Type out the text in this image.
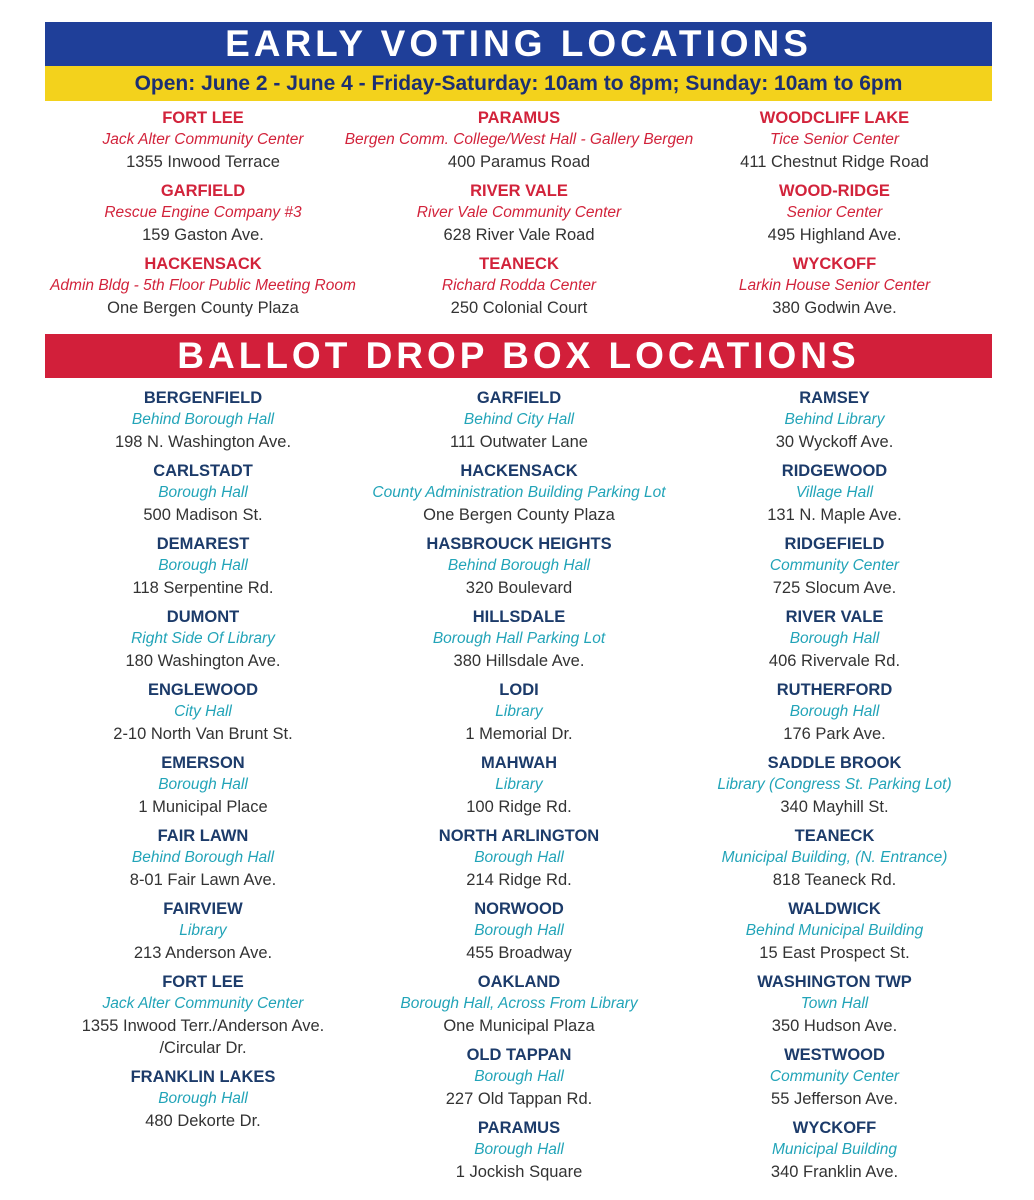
EARLY VOTING LOCATIONS
Open: June 2 - June 4 - Friday-Saturday: 10am to 8pm; Sunday: 10am to 6pm
FORT LEE
Jack Alter Community Center
1355 Inwood Terrace
GARFIELD
Rescue Engine Company #3
159 Gaston Ave.
HACKENSACK
Admin Bldg - 5th Floor Public Meeting Room
One Bergen County Plaza
PARAMUS
Bergen Comm. College/West Hall - Gallery Bergen
400 Paramus Road
RIVER VALE
River Vale Community Center
628 River Vale Road
TEANECK
Richard Rodda Center
250 Colonial Court
WOODCLIFF LAKE
Tice Senior Center
411 Chestnut Ridge Road
WOOD-RIDGE
Senior Center
495 Highland Ave.
WYCKOFF
Larkin House Senior Center
380 Godwin Ave.
BALLOT DROP BOX LOCATIONS
BERGENFIELD
Behind Borough Hall
198 N. Washington Ave.
CARLSTADT
Borough Hall
500 Madison St.
DEMAREST
Borough Hall
118 Serpentine Rd.
DUMONT
Right Side Of Library
180 Washington Ave.
ENGLEWOOD
City Hall
2-10 North Van Brunt St.
EMERSON
Borough Hall
1 Municipal Place
FAIR LAWN
Behind Borough Hall
8-01 Fair Lawn Ave.
FAIRVIEW
Library
213 Anderson Ave.
FORT LEE
Jack Alter Community Center
1355 Inwood Terr./Anderson Ave.
/Circular Dr.
FRANKLIN LAKES
Borough Hall
480 Dekorte Dr.
GARFIELD
Behind City Hall
111 Outwater Lane
HACKENSACK
County Administration Building Parking Lot
One Bergen County Plaza
HASBROUCK HEIGHTS
Behind Borough Hall
320 Boulevard
HILLSDALE
Borough Hall Parking Lot
380 Hillsdale Ave.
LODI
Library
1 Memorial Dr.
MAHWAH
Library
100 Ridge Rd.
NORTH ARLINGTON
Borough Hall
214 Ridge Rd.
NORWOOD
Borough Hall
455 Broadway
OAKLAND
Borough Hall, Across From Library
One Municipal Plaza
OLD TAPPAN
Borough Hall
227 Old Tappan Rd.
PARAMUS
Borough Hall
1 Jockish Square
RAMSEY
Behind Library
30 Wyckoff Ave.
RIDGEWOOD
Village Hall
131 N. Maple Ave.
RIDGEFIELD
Community Center
725 Slocum Ave.
RIVER VALE
Borough Hall
406 Rivervale Rd.
RUTHERFORD
Borough Hall
176 Park Ave.
SADDLE BROOK
Library (Congress St. Parking Lot)
340 Mayhill St.
TEANECK
Municipal Building, (N. Entrance)
818 Teaneck Rd.
WALDWICK
Behind Municipal Building
15 East Prospect St.
WASHINGTON TWP
Town Hall
350 Hudson Ave.
WESTWOOD
Community Center
55 Jefferson Ave.
WYCKOFF
Municipal Building
340 Franklin Ave.
